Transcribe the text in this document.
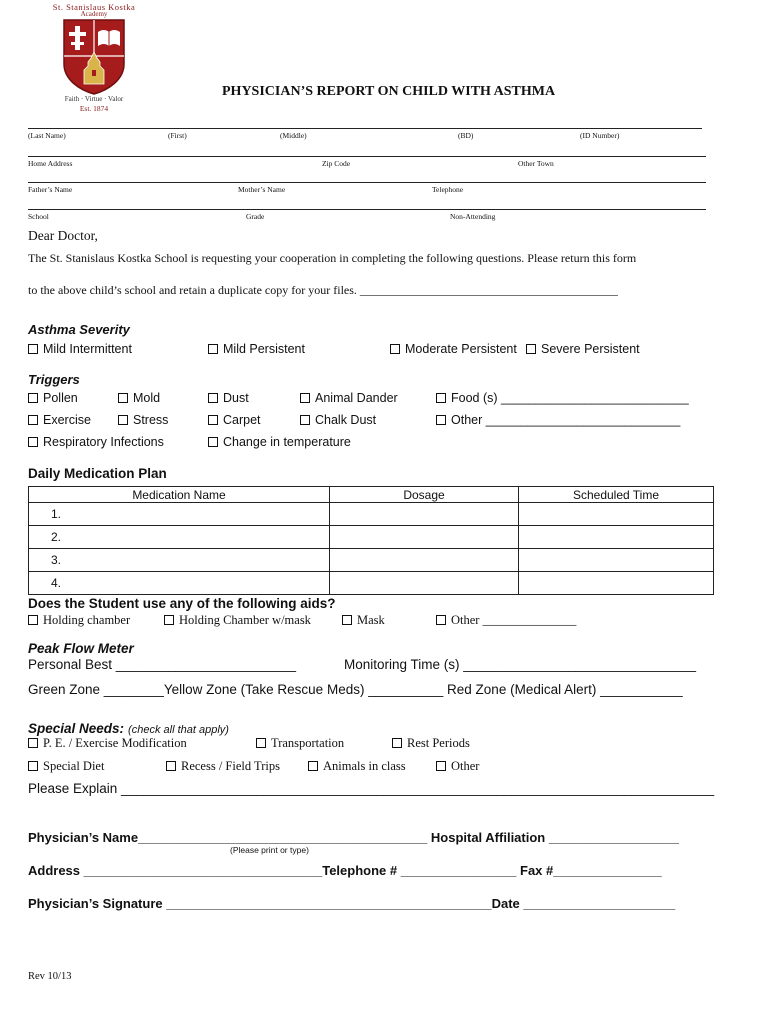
St. Stanislaus Kostka
Academy
Faith · Virtue · Valor
Est. 1874
PHYSICIAN’S REPORT ON CHILD WITH ASTHMA
(Last Name)	(First)	(Middle)	(BD)	(ID Number)
Home Address	Zip Code	Other Town
Father’s Name	Mother’s Name	Telephone
School	Grade	Non-Attending
Dear Doctor,
The St. Stanislaus Kostka School is requesting your cooperation in completing the following questions. Please return this form
to the above child’s school and retain a duplicate copy for your files. ___________________________________________
Asthma Severity
Mild Intermittent	Mild Persistent	Moderate Persistent	Severe Persistent
Triggers
Pollen	Mold	Dust	Animal Dander	Food (s) ___________________________
Exercise	Stress	Carpet	Chalk Dust	Other ____________________________
Respiratory Infections	Change in temperature
Daily Medication Plan
Medication Name	Dosage	Scheduled Time
1.		
2.		
3.		
4.		
Does the Student use any of the following aids?
Holding chamber	Holding Chamber w/mask	Mask	Other _______________
Peak Flow Meter
Personal Best ________________________	Monitoring Time (s) _______________________________
Green Zone ________Yellow Zone (Take Rescue Meds) __________ Red Zone (Medical Alert) ___________
Special Needs: (check all that apply)
P. E. / Exercise Modification	Transportation	Rest Periods
Special Diet	Recess / Field Trips	Animals in class	Other
Please Explain _______________________________________________________________________________
Physician’s Name________________________________________ Hospital Affiliation __________________
(Please print or type)
Address _________________________________Telephone # ________________ Fax #_______________
Physician’s Signature _____________________________________________Date _____________________
Rev 10/13
